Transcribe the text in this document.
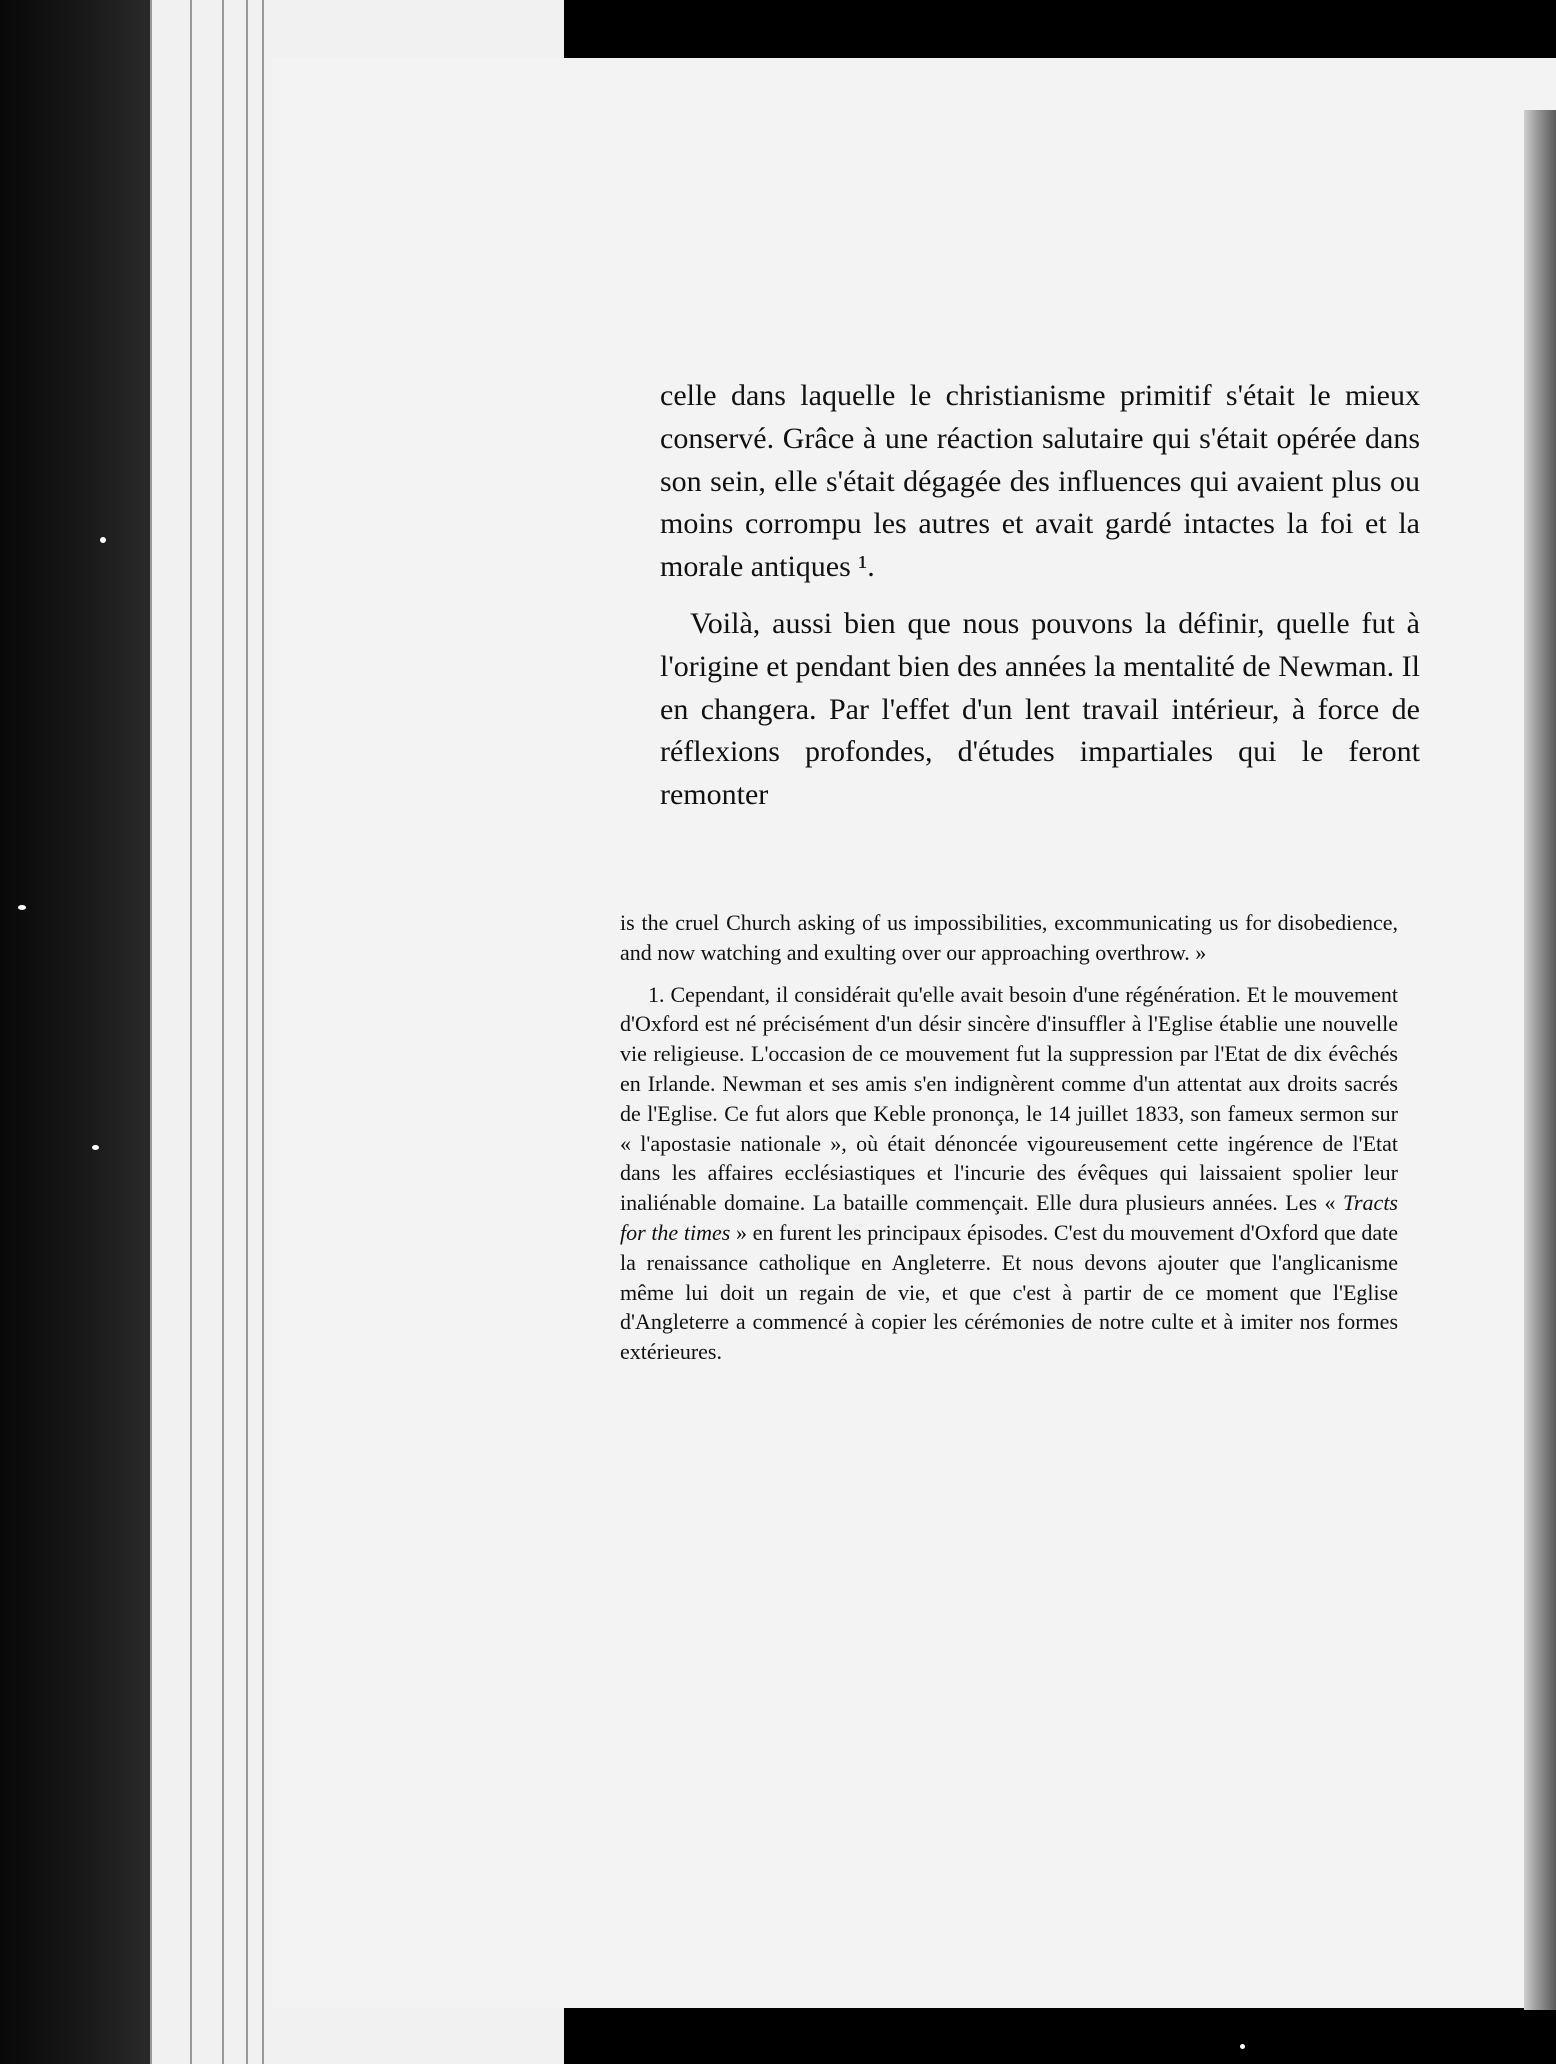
celle dans laquelle le christianisme primitif s'était le mieux conservé. Grâce à une réaction salutaire qui s'était opérée dans son sein, elle s'était dégagée des influences qui avaient plus ou moins corrompu les autres et avait gardé intactes la foi et la morale antiques ¹.

Voilà, aussi bien que nous pouvons la définir, quelle fut à l'origine et pendant bien des années la mentalité de Newman. Il en changera. Par l'effet d'un lent travail intérieur, à force de réflexions profondes, d'études impartiales qui le feront remonter

is the cruel Church asking of us impossibilities, excommunicating us for disobedience, and now watching and exulting over our approaching overthrow. »

1. Cependant, il considérait qu'elle avait besoin d'une régénération. Et le mouvement d'Oxford est né précisément d'un désir sincère d'insuffler à l'Eglise établie une nouvelle vie religieuse. L'occasion de ce mouvement fut la suppression par l'Etat de dix évêchés en Irlande. Newman et ses amis s'en indignèrent comme d'un attentat aux droits sacrés de l'Eglise. Ce fut alors que Keble prononça, le 14 juillet 1833, son fameux sermon sur « l'apostasie nationale », où était dénoncée vigoureusement cette ingérence de l'Etat dans les affaires ecclésiastiques et l'incurie des évêques qui laissaient spolier leur inaliénable domaine. La bataille commençait. Elle dura plusieurs années. Les « Tracts for the times » en furent les principaux épisodes. C'est du mouvement d'Oxford que date la renaissance catholique en Angleterre. Et nous devons ajouter que l'anglicanisme même lui doit un regain de vie, et que c'est à partir de ce moment que l'Eglise d'Angleterre a commencé à copier les cérémonies de notre culte et à imiter nos formes extérieures.
